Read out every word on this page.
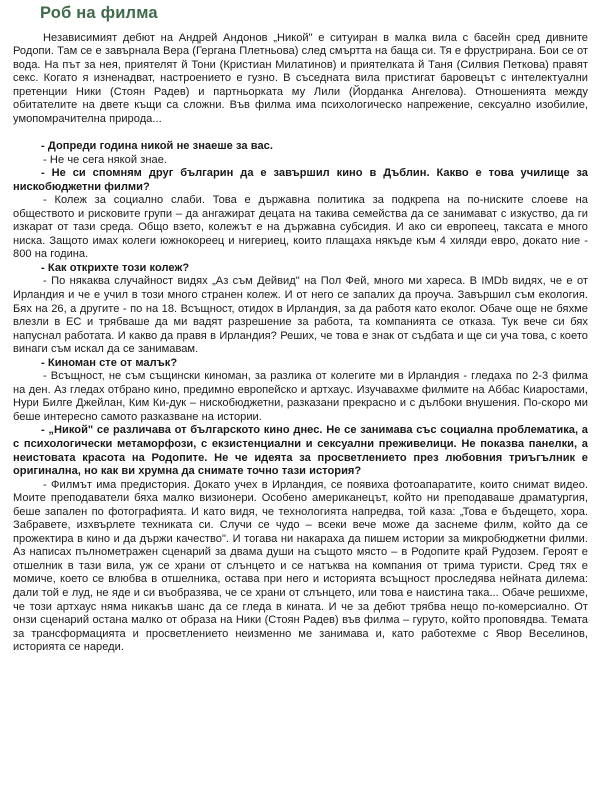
Роб на филма

Независимият дебют на Андрей Андонов „Никой" е ситуиран в малка вила с басейн сред дивните Родопи. Там се е завърнала Вера (Гергана Плетньова) след смъртта на баща си. Тя е фрустрирана. Бои се от вода. На път за нея, приятелят й Тони (Кристиан Милатинов) и приятелката й Таня (Силвия Петкова) правят секс. Когато я изненадват, настроението е гузно. В съседната вила пристигат баровецът с интелектуални претенции Ники (Стоян Радев) и партньорката му Лили (Йорданка Ангелова). Отношенията между обитателите на двете къщи са сложни. Във филма има психологическо напрежение, сексуално изобилие, умопомрачителна природа...

- Допреди година никой не знаеше за вас.

- Не че сега някой знае.

- Не си спомням друг българин да е завършил кино в Дъблин. Какво е това училище за нискобюджетни филми?

- Колеж за социално слаби. Това е държавна политика за подкрепа на по-ниските слоеве на обществото и рисковите групи – да ангажират децата на такива семейства да се занимават с изкуство, да ги изкарат от тази среда. Общо взето, колежът е на държавна субсидия. И ако си европеец, таксата е много ниска. Защото имах колеги южнокореец и нигериец, които плащаха някъде към 4 хиляди евро, докато ние - 800 на година.

- Как открихте този колеж?

- По някаква случайност видях „Аз съм Дейвид" на Пол Фей, много ми хареса. В IMDb видях, че е от Ирландия и че е учил в този много странен колеж. И от него се запалих да проуча. Завършил съм екология. Бях на 26, а другите - по на 18. Всъщност, отидох в Ирландия, за да работя като еколог. Обаче още не бяхме влезли в ЕС и трябваше да ми вадят разрешение за работа, та компанията се отказа. Тук вече си бях напуснал работата. И какво да правя в Ирландия? Реших, че това е знак от съдбата и ще си уча това, с което винаги съм искал да се занимавам.

- Киноман сте от малък?

- Всъщност, не съм същински киноман, за разлика от колегите ми в Ирландия - гледаха по 2-3 филма на ден. Аз гледах отбрано кино, предимно европейско и артхаус. Изучавахме филмите на Аббас Киаростами, Нури Билге Джейлан, Ким Ки-дук – нискобюджетни, разказани прекрасно и с дълбоки внушения. По-скоро ми беше интересно самото разказване на истории.

- „Никой" се различава от българското кино днес. Не се занимава със социална проблематика, а с психологически метаморфози, с екзистенциални и сексуални преживелици. Не показва панелки, а неистовата красота на Родопите. Не че идеята за просветлението през любовния триъгълник е оригинална, но как ви хрумна да снимате точно тази история?

- Филмът има предистория. Докато учех в Ирландия, се появиха фотоапаратите, които снимат видео. Моите преподаватели бяха малко визионери. Особено американецът, който ни преподаваше драматургия, беше запален по фотографията. И като видя, че технологията напредва, той каза: „Това е бъдещето, хора. Забравете, изхвърлете техниката си. Случи се чудо – всеки вече може да заснеме филм, който да се прожектира в кино и да държи качество". И тогава ни накараха да пишем истории за микробюджетни филми. Аз написах пълнометражен сценарий за двама души на същото място – в Родопите край Рудозем. Героят е отшелник в тази вила, уж се храни от слънцето и се натъква на компания от трима туристи. Сред тях е момиче, което се влюбва в отшелника, остава при него и историята всъщност проследява нейната дилема: дали той е луд, не яде и си въобразява, че се храни от слънцето, или това е наистина така... Обаче решихме, че този артхаус няма никакъв шанс да се гледа в кината. И че за дебют трябва нещо по-комерсиално. От онзи сценарий остана малко от образа на Ники (Стоян Радев) във филма – гуруто, който проповядва. Темата за трансформацията и просветлението неизменно ме занимава и, като работехме с Явор Веселинов, историята се нареди.
